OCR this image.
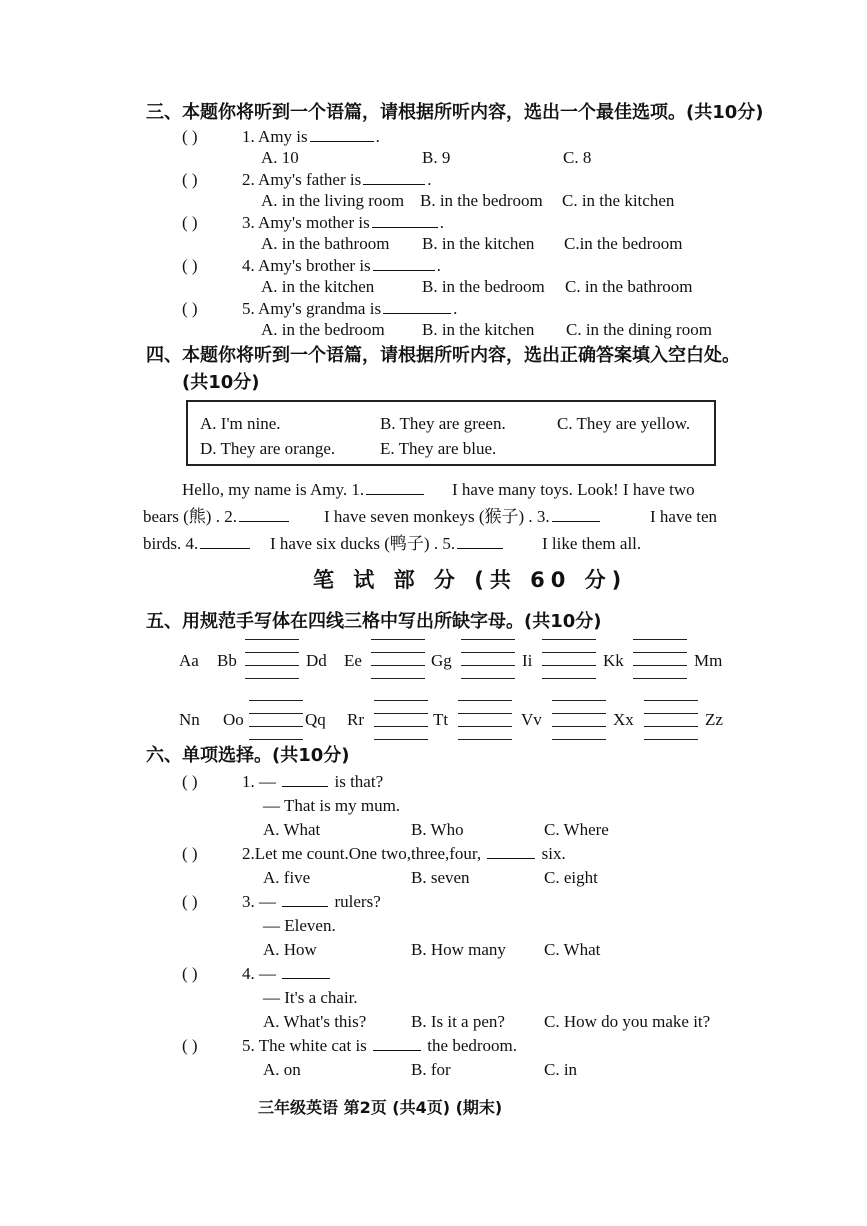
三、本题你将听到一个语篇，请根据所听内容，选出一个最佳选项。(共10分)
( )	1. Amy is	.
A. 10	B. 9	C. 8
( )	2. Amy's father is	.
A. in the living room B. in the bedroom C. in the kitchen
( )	3. Amy's mother is	.
A. in the bathroom B. in the kitchen C.in the bedroom
( )	4. Amy's brother is	.
A. in the kitchen	B. in the bedroom C. in the bathroom
( )	5. Amy's grandma is	.
A. in the bedroom B. in the kitchen C. in the dining room
四、本题你将听到一个语篇，请根据所听内容，选出正确答案填入空白处。
(共10分)
A. I'm nine.	B. They are green.	C. They are yellow.
D. They are orange.	E. They are blue.
Hello, my name is Amy. 1.	I have many toys. Look! I have two
bears (熊) . 2.	I have seven monkeys (猴子) . 3.	I have ten
birds. 4.	I have six ducks (鸭子) . 5.	I like them all.
笔 试 部 分 (共 60 分)
五、用规范手写体在四线三格中写出所缺字母。(共10分)
Aa Bb	Dd Ee	Gg	Ii	Kk	Mm
Nn Oo	Qq Rr	Tt	Vv	Xx	Zz
六、单项选择。(共10分)
( )	1. —	is that?
— That is my mum.
A. What	B. Who	C. Where
( )	2.Let me count.One two,three,four,	six.
A. five	B. seven	C. eight
( )	3. —	rulers?
— Eleven.
A. How	B. How many C. What
( )	4. —
— It's a chair.
A. What's this?	B. Is it a pen? C. How do you make it?
( )	5. The white cat is	the bedroom.
A. on	B. for	C. in
三年级英语 第2页 (共4页) (期末)
